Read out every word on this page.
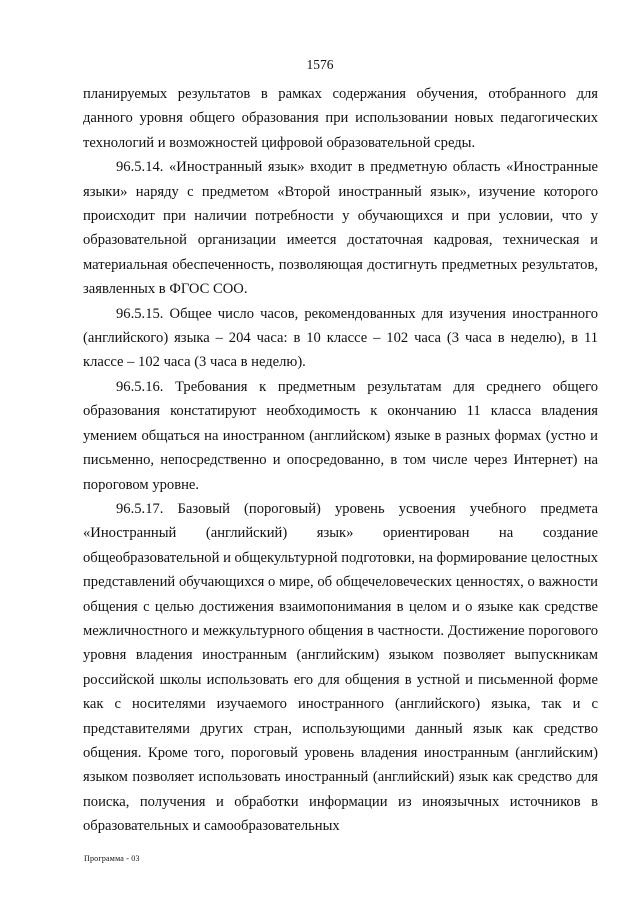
1576

планируемых результатов в рамках содержания обучения, отобранного для данного уровня общего образования при использовании новых педагогических технологий и возможностей цифровой образовательной среды.

96.5.14. «Иностранный язык» входит в предметную область «Иностранные языки» наряду с предметом «Второй иностранный язык», изучение которого происходит при наличии потребности у обучающихся и при условии, что у образовательной организации имеется достаточная кадровая, техническая и материальная обеспеченность, позволяющая достигнуть предметных результатов, заявленных в ФГОС СОО.

96.5.15. Общее число часов, рекомендованных для изучения иностранного (английского) языка – 204 часа: в 10 классе – 102 часа (3 часа в неделю), в 11 классе – 102 часа (3 часа в неделю).

96.5.16. Требования к предметным результатам для среднего общего образования констатируют необходимость к окончанию 11 класса владения умением общаться на иностранном (английском) языке в разных формах (устно и письменно, непосредственно и опосредованно, в том числе через Интернет) на пороговом уровне.

96.5.17. Базовый (пороговый) уровень усвоения учебного предмета «Иностранный (английский) язык» ориентирован на создание общеобразовательной и общекультурной подготовки, на формирование целостных представлений обучающихся о мире, об общечеловеческих ценностях, о важности общения с целью достижения взаимопонимания в целом и о языке как средстве межличностного и межкультурного общения в частности. Достижение порогового уровня владения иностранным (английским) языком позволяет выпускникам российской школы использовать его для общения в устной и письменной форме как с носителями изучаемого иностранного (английского) языка, так и с представителями других стран, использующими данный язык как средство общения. Кроме того, пороговый уровень владения иностранным (английским) языком позволяет использовать иностранный (английский) язык как средство для поиска, получения и обработки информации из иноязычных источников в образовательных и самообразовательных

Программа - 03
